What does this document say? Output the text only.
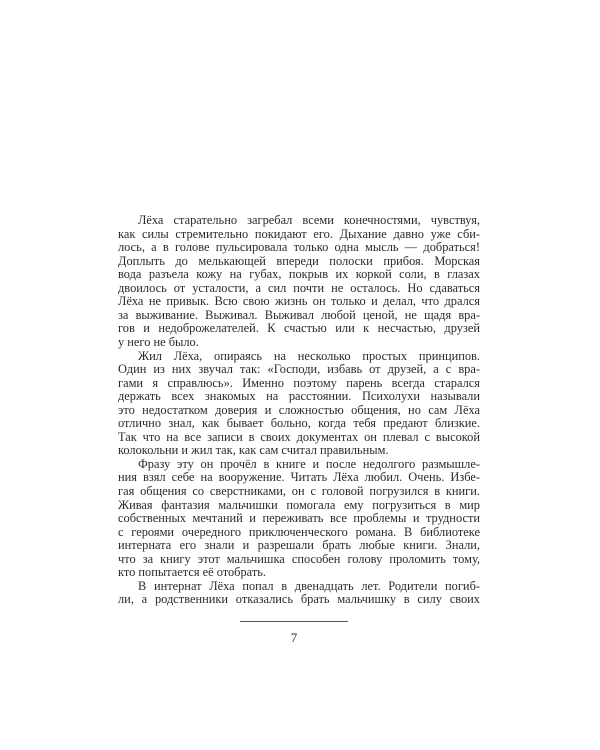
Лёха старательно загребал всеми конечностями, чувствуя,
как силы стремительно покидают его. Дыхание давно уже сби-
лось, а в голове пульсировала только одна мысль — добраться!
Доплыть до мелькающей впереди полоски прибоя. Морская
вода разъела кожу на губах, покрыв их коркой соли, в глазах
двоилось от усталости, а сил почти не осталось. Но сдаваться
Лёха не привык. Всю свою жизнь он только и делал, что дрался
за выживание. Выживал. Выживал любой ценой, не щадя вра-
гов и недоброжелателей. К счастью или к несчастью, друзей
у него не было.
Жил Лёха, опираясь на несколько простых принципов.
Один из них звучал так: «Господи, избавь от друзей, а с вра-
гами я справлюсь». Именно поэтому парень всегда старался
держать всех знакомых на расстоянии. Психолухи называли
это недостатком доверия и сложностью общения, но сам Лёха
отлично знал, как бывает больно, когда тебя предают близкие.
Так что на все записи в своих документах он плевал с высокой
колокольни и жил так, как сам считал правильным.
Фразу эту он прочёл в книге и после недолгого размышле-
ния взял себе на вооружение. Читать Лёха любил. Очень. Избе-
гая общения со сверстниками, он с головой погрузился в книги.
Живая фантазия мальчишки помогала ему погрузиться в мир
собственных мечтаний и переживать все проблемы и трудности
с героями очередного приключенческого романа. В библиотеке
интерната его знали и разрешали брать любые книги. Знали,
что за книгу этот мальчишка способен голову проломить тому,
кто попытается её отобрать.
В интернат Лёха попал в двенадцать лет. Родители погиб-
ли, а родственники отказались брать мальчишку в силу своих
7
